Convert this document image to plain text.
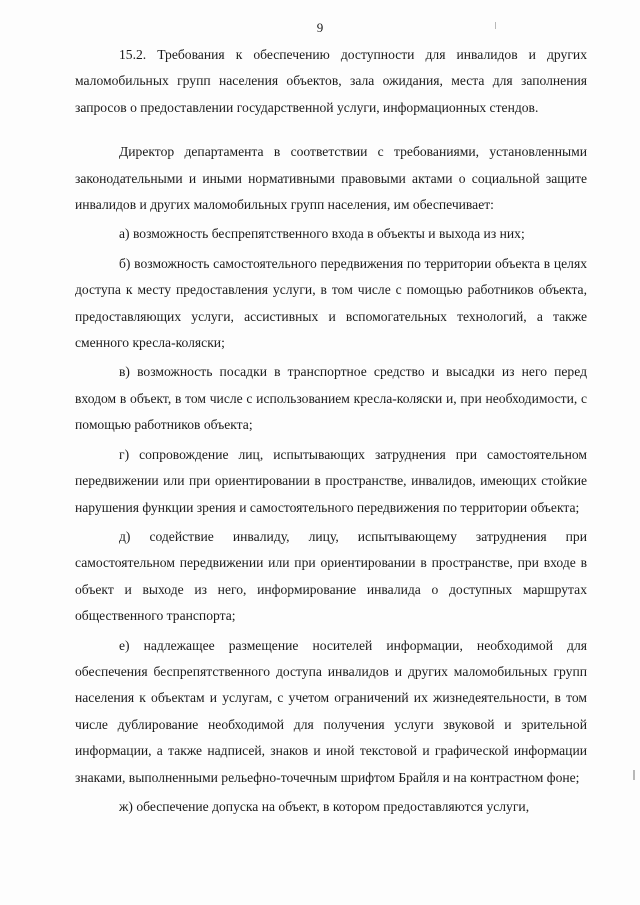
9

15.2. Требования к обеспечению доступности для инвалидов и других маломобильных групп населения объектов, зала ожидания, места для заполнения запросов о предоставлении государственной услуги, информационных стендов.

Директор департамента в соответствии с требованиями, установленными законодательными и иными нормативными правовыми актами о социальной защите инвалидов и других маломобильных групп населения, им обеспечивает:

а) возможность беспрепятственного входа в объекты и выхода из них;

б) возможность самостоятельного передвижения по территории объекта в целях доступа к месту предоставления услуги, в том числе с помощью работников объекта, предоставляющих услуги, ассистивных и вспомогательных технологий, а также сменного кресла-коляски;

в) возможность посадки в транспортное средство и высадки из него перед входом в объект, в том числе с использованием кресла-коляски и, при необходимости, с помощью работников объекта;

г) сопровождение лиц, испытывающих затруднения при самостоятельном передвижении или при ориентировании в пространстве, инвалидов, имеющих стойкие нарушения функции зрения и самостоятельного передвижения по территории объекта;

д) содействие инвалиду, лицу, испытывающему затруднения при самостоятельном передвижении или при ориентировании в пространстве, при входе в объект и выходе из него, информирование инвалида о доступных маршрутах общественного транспорта;

е) надлежащее размещение носителей информации, необходимой для обеспечения беспрепятственного доступа инвалидов и других маломобильных групп населения к объектам и услугам, с учетом ограничений их жизнедеятельности, в том числе дублирование необходимой для получения услуги звуковой и зрительной информации, а также надписей, знаков и иной текстовой и графической информации знаками, выполненными рельефно-точечным шрифтом Брайля и на контрастном фоне;

ж) обеспечение допуска на объект, в котором предоставляются услуги,
